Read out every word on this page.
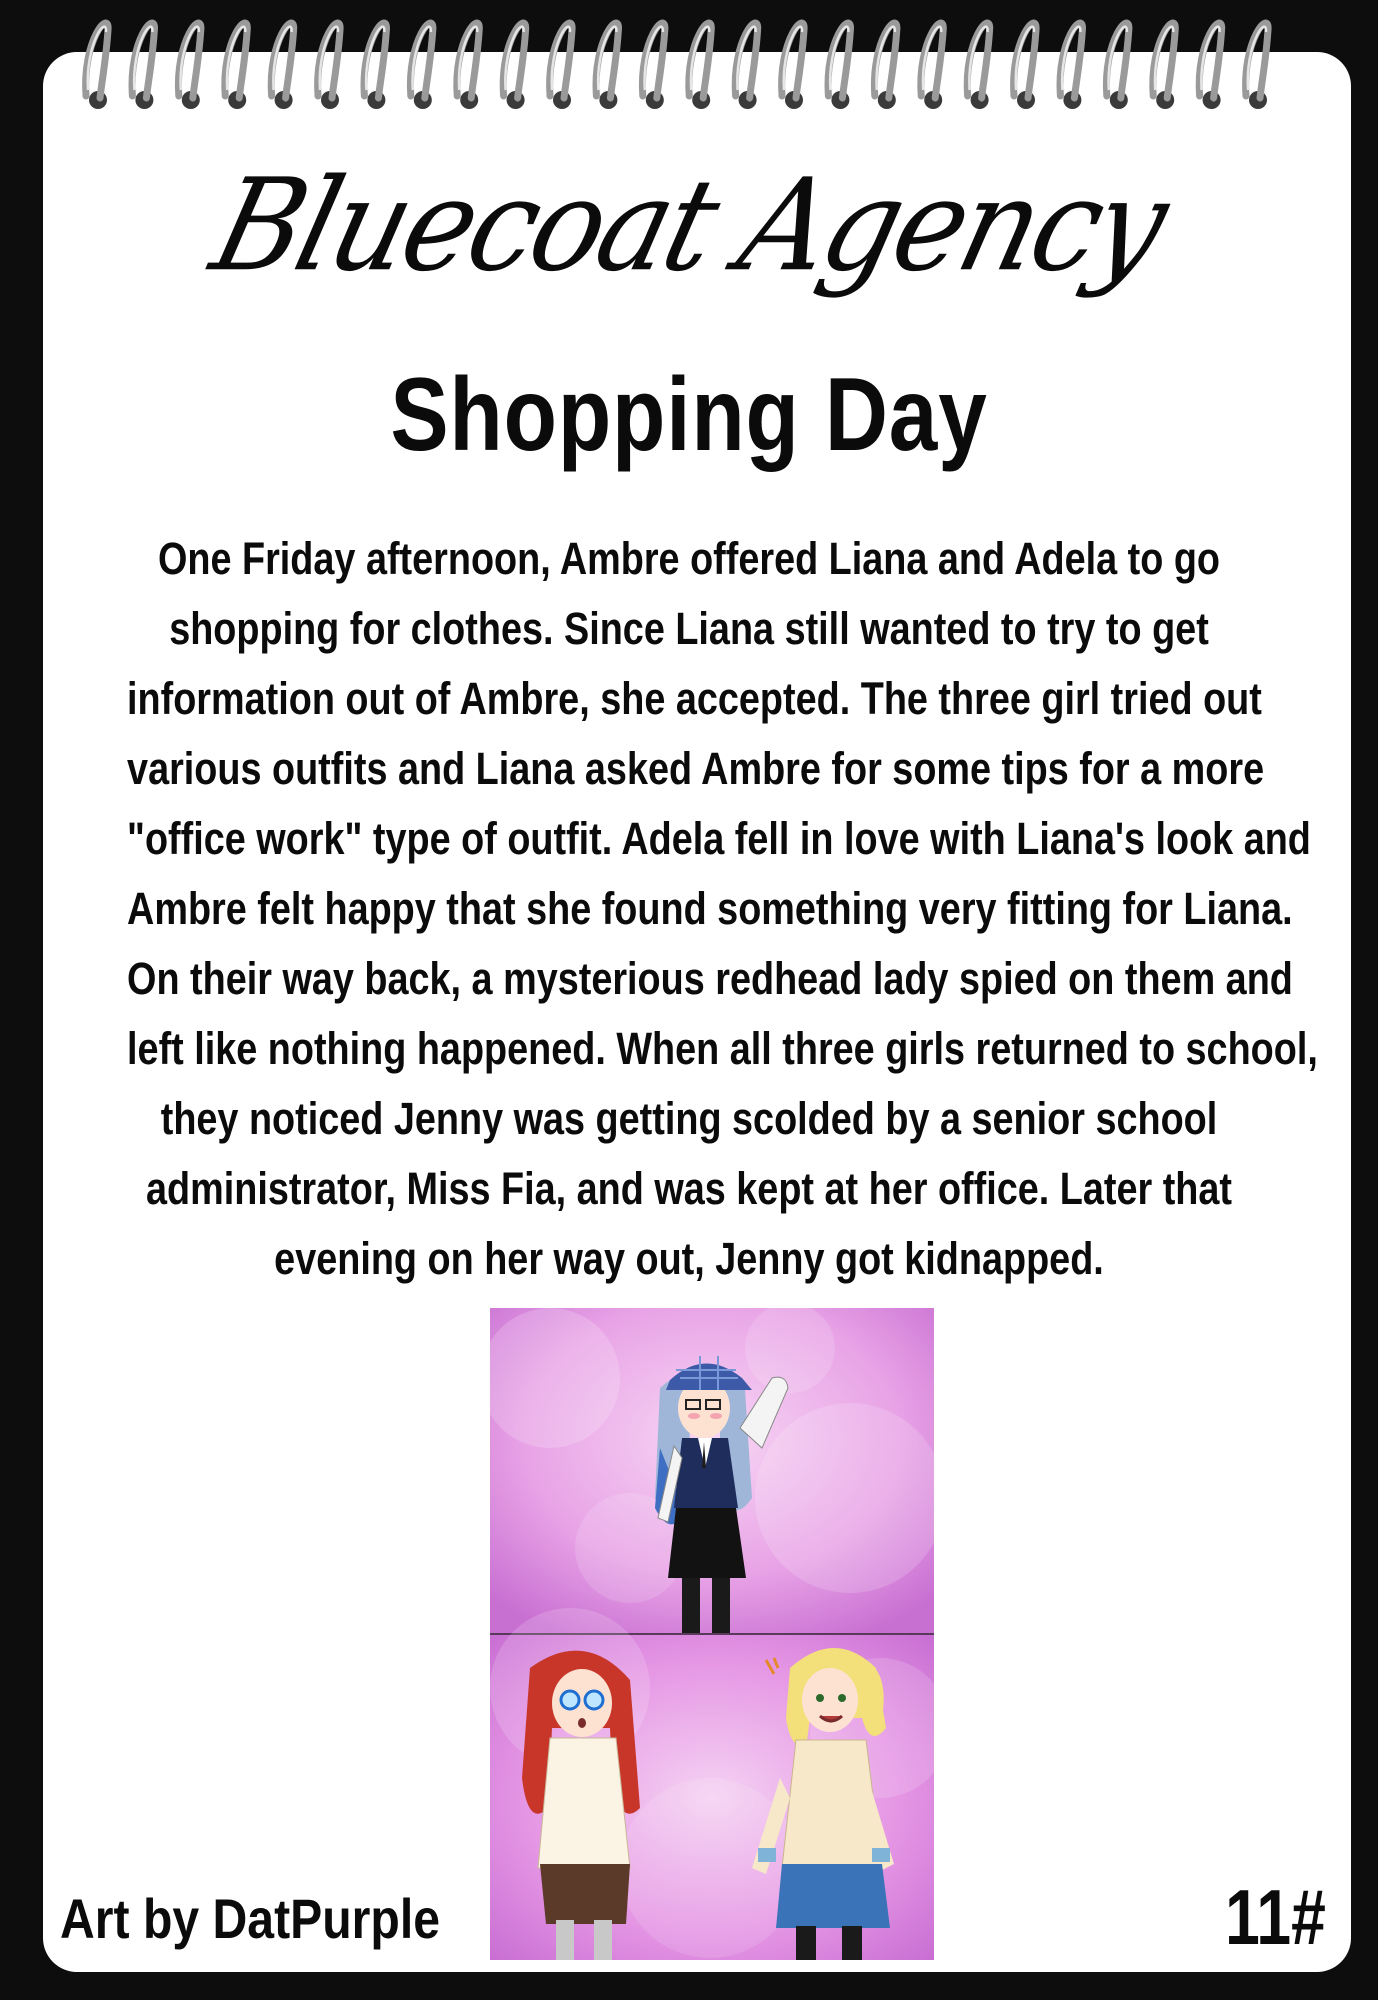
Bluecoat Agency
Shopping Day
One Friday afternoon, Ambre offered Liana and Adela to go
shopping for clothes. Since Liana still wanted to try to get
information out of Ambre, she accepted. The three girl tried out
various outfits and Liana asked Ambre for some tips for a more
"office work" type of outfit. Adela fell in love with Liana's look and
Ambre felt happy that she found something very fitting for Liana.
On their way back, a mysterious redhead lady spied on them and
left like nothing happened. When all three girls returned to school,
they noticed Jenny was getting scolded by a senior school
administrator, Miss Fia, and was kept at her office. Later that
evening on her way out, Jenny got kidnapped.
Art by DatPurple	11#
